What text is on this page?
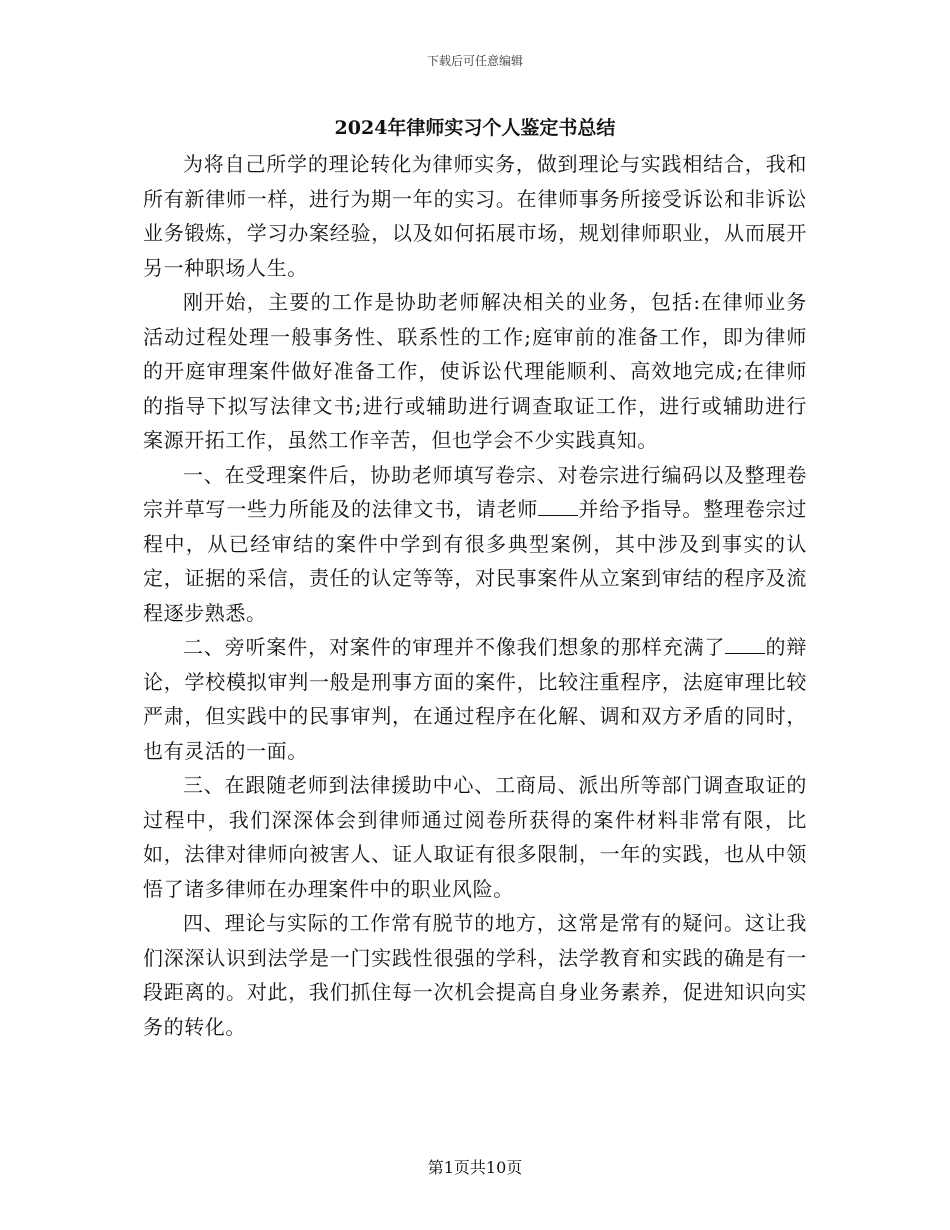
下载后可任意编辑
2024年律师实习个人鉴定书总结

为将自己所学的理论转化为律师实务，做到理论与实践相结合，我和所有新律师一样，进行为期一年的实习。在律师事务所接受诉讼和非诉讼业务锻炼，学习办案经验，以及如何拓展市场，规划律师职业，从而展开另一种职场人生。

刚开始，主要的工作是协助老师解决相关的业务，包括:在律师业务活动过程处理一般事务性、联系性的工作;庭审前的准备工作，即为律师的开庭审理案件做好准备工作，使诉讼代理能顺利、高效地完成;在律师的指导下拟写法律文书;进行或辅助进行调查取证工作，进行或辅助进行案源开拓工作，虽然工作辛苦，但也学会不少实践真知。

一、在受理案件后，协助老师填写卷宗、对卷宗进行编码以及整理卷宗并草写一些力所能及的法律文书，请老师 并给予指导。整理卷宗过程中，从已经审结的案件中学到有很多典型案例，其中涉及到事实的认定，证据的采信，责任的认定等等，对民事案件从立案到审结的程序及流程逐步熟悉。

二、旁听案件，对案件的审理并不像我们想象的那样充满了 的辩论，学校模拟审判一般是刑事方面的案件，比较注重程序，法庭审理比较严肃，但实践中的民事审判，在通过程序在化解、调和双方矛盾的同时，也有灵活的一面。

三、在跟随老师到法律援助中心、工商局、派出所等部门调查取证的过程中，我们深深体会到律师通过阅卷所获得的案件材料非常有限，比如，法律对律师向被害人、证人取证有很多限制，一年的实践，也从中领悟了诸多律师在办理案件中的职业风险。

四、理论与实际的工作常有脱节的地方，这常是常有的疑问。这让我们深深认识到法学是一门实践性很强的学科，法学教育和实践的确是有一段距离的。对此，我们抓住每一次机会提高自身业务素养，促进知识向实务的转化。

第1页共10页
